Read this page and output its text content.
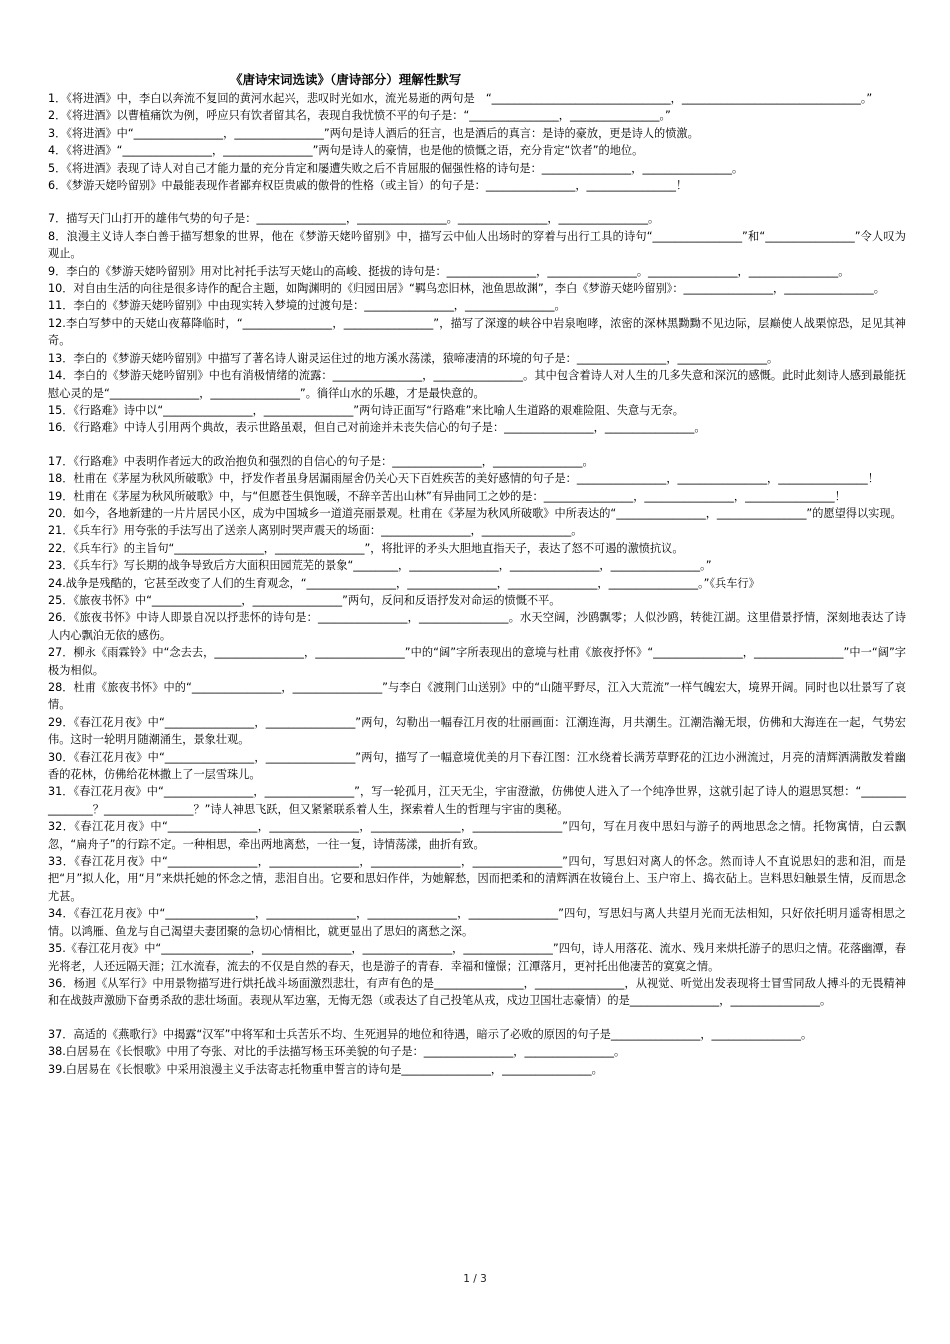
《唐诗宋词选读》（唐诗部分）理解性默写

1．《将进酒》中，李白以奔流不复回的黄河水起兴，悲叹时光如水，流光易逝的两句是　“________________________________，________________________________。”

2．《将进酒》以曹植痛饮为例，呼应只有饮者留其名，表现自我忧愤不平的句子是：“________________，________________。”

3．《将进酒》中“________________，________________”两句是诗人酒后的狂言，也是酒后的真言：是诗的豪放，更是诗人的愤激。

4．《将进酒》“________________，________________”两句是诗人的豪情，也是他的愤慨之语，充分肯定“饮者”的地位。

5．《将进酒》表现了诗人对自己才能力量的充分肯定和屡遭失败之后不肯屈服的倔强性格的诗句是：________________，________________。

6．《梦游天姥吟留别》中最能表现作者鄙弃权臣贵戚的傲骨的性格（或主旨）的句子是：________________，________________！

7．描写天门山打开的雄伟气势的句子是：________________，________________。________________，________________。

8．浪漫主义诗人李白善于描写想象的世界，他在《梦游天姥吟留别》中，描写云中仙人出场时的穿着与出行工具的诗句“________________”和“________________”令人叹为观止。

9．李白的《梦游天姥吟留别》用对比衬托手法写天姥山的高峻、挺拔的诗句是：________________，________________。________________，________________。

10．对自由生活的向往是很多诗作的配合主题，如陶渊明的《归园田居》“羁鸟恋旧林，池鱼思故渊”，李白《梦游天姥吟留别》：________________，________________。

11．李白的《梦游天姥吟留别》中由现实转入梦境的过渡句是：________________，________________。

12.李白写梦中的天姥山夜幕降临时，“________________，________________”，描写了深邃的峡谷中岩泉咆哮，浓密的深林黑黝黝不见边际，层巅使人战栗惊恐，足见其神奇。

13．李白的《梦游天姥吟留别》中描写了著名诗人谢灵运住过的地方溪水荡漾，猿啼凄清的环境的句子是：________________，________________。

14．李白的《梦游天姥吟留别》中也有消极情绪的流露：________________，________________。其中包含着诗人对人生的几多失意和深沉的感慨。此时此刻诗人感到最能抚慰心灵的是“________________，________________”。徜徉山水的乐趣，才是最快意的。

15．《行路难》诗中以“________________，________________”两句诗正面写“行路难”来比喻人生道路的艰难险阻、失意与无奈。

16．《行路难》中诗人引用两个典故，表示世路虽艰，但自己对前途并未丧失信心的句子是：________________，________________。

17．《行路难》中表明作者远大的政治抱负和强烈的自信心的句子是：________________，________________。

18．杜甫在《茅屋为秋风所破歌》中，抒发作者虽身居漏雨屋舍仍关心天下百姓疾苦的美好感情的句子是：________________，________________，________________！

19．杜甫在《茅屋为秋风所破歌》中，与“但愿苍生俱饱暖，不辞辛苦出山林”有异曲同工之妙的是：________________，________________，________________！

20．如今，各地新建的一片片居民小区，成为中国城乡一道道亮丽景观。杜甫在《茅屋为秋风所破歌》中所表达的“________________，________________”的愿望得以实现。

21．《兵车行》用夸张的手法写出了送亲人离别时哭声震天的场面：________________，________________。

22．《兵车行》的主旨句“________________，________________”，将批评的矛头大胆地直指天子，表达了怒不可遏的激愤抗议。

23．《兵车行》写长期的战争导致后方大面积田园荒芜的景象“________，________________，________________，________________。”

24.战争是残酷的，它甚至改变了人们的生育观念，“________________，________________，________________，________________。”《兵车行》

25．《旅夜书怀》中“________________，________________”两句，反问和反语抒发对命运的愤慨不平。

26．《旅夜书怀》中诗人即景自况以抒悲怀的诗句是：________________，________________。水天空阔，沙鸥飘零；人似沙鸥，转徙江湖。这里借景抒情，深刻地表达了诗人内心飘泊无依的感伤。

27．柳永《雨霖铃》中“念去去，________________，________________”中的“阔”字所表现出的意境与杜甫《旅夜抒怀》“________________，________________”中一“阔”字极为相似。

28．杜甫《旅夜书怀》中的“________________，________________”与李白《渡荆门山送别》中的“山随平野尽，江入大荒流”一样气魄宏大，境界开阔。同时也以壮景写了哀情。

29．《春江花月夜》中“________________，________________”两句，勾勒出一幅春江月夜的壮丽画面：江潮连海，月共潮生。江潮浩瀚无垠，仿佛和大海连在一起，气势宏伟。这时一轮明月随潮涌生，景象壮观。

30．《春江花月夜》中“________________，________________”两句，描写了一幅意境优美的月下春江图：江水绕着长满芳草野花的江边小洲流过，月亮的清辉洒满散发着幽香的花林，仿佛给花林撒上了一层雪珠儿。

31．《春江花月夜》中“________________，________________”，写一轮孤月，江天无尘，宇宙澄澈，仿佛使人进入了一个纯净世界，这就引起了诗人的遐思冥想：“________________？________________？”诗人神思飞跃，但又紧紧联系着人生，探索着人生的哲理与宇宙的奥秘。

32．《春江花月夜》中“________________，________________，________________，________________”四句，写在月夜中思妇与游子的两地思念之情。托物寓情，白云飘忽，“扁舟子”的行踪不定。一种相思，牵出两地离愁，一往一复，诗情荡漾，曲折有致。

33．《春江花月夜》中“________________，________________，________________，________________”四句，写思妇对离人的怀念。然而诗人不直说思妇的悲和泪，而是把“月”拟人化，用“月”来烘托她的怀念之情，悲泪自出。它要和思妇作伴，为她解愁，因而把柔和的清辉洒在妆镜台上、玉户帘上、捣衣砧上。岂料思妇触景生情，反而思念尤甚。

34．《春江花月夜》中“________________，________________，________________，________________”四句，写思妇与离人共望月光而无法相知，只好依托明月遥寄相思之情。以鸿雁、鱼龙与自己渴望夫妻团聚的急切心情相比，就更显出了思妇的离愁之深。

35.《春江花月夜》中“________________，________________，________________，________________”四句，诗人用落花、流水、残月来烘托游子的思归之情。花落幽潭，春光将老，人还远隔天涯；江水流春，流去的不仅是自然的春天，也是游子的青春．幸福和憧憬；江潭落月，更衬托出他凄苦的寞寞之情。

36．杨迥《从军行》中用景物描写进行烘托战斗场面激烈悲壮，有声有色的是________________，________________，从视觉、听觉出发表现将士冒雪同敌人搏斗的无畏精神和在战鼓声激励下奋勇杀敌的悲壮场面。表现从军边塞，无悔无怨（或表达了自己投笔从戎，戍边卫国壮志豪情）的是________________，________________。

37．高适的《燕歌行》中揭露“汉军”中将军和士兵苦乐不均、生死迥异的地位和待遇，暗示了必败的原因的句子是________________，________________。

38.白居易在《长恨歌》中用了夸张、对比的手法描写杨玉环美貌的句子是：________________，________________。

39.白居易在《长恨歌》中采用浪漫主义手法寄志托物重申誓言的诗句是________________，________________。

1 / 3
